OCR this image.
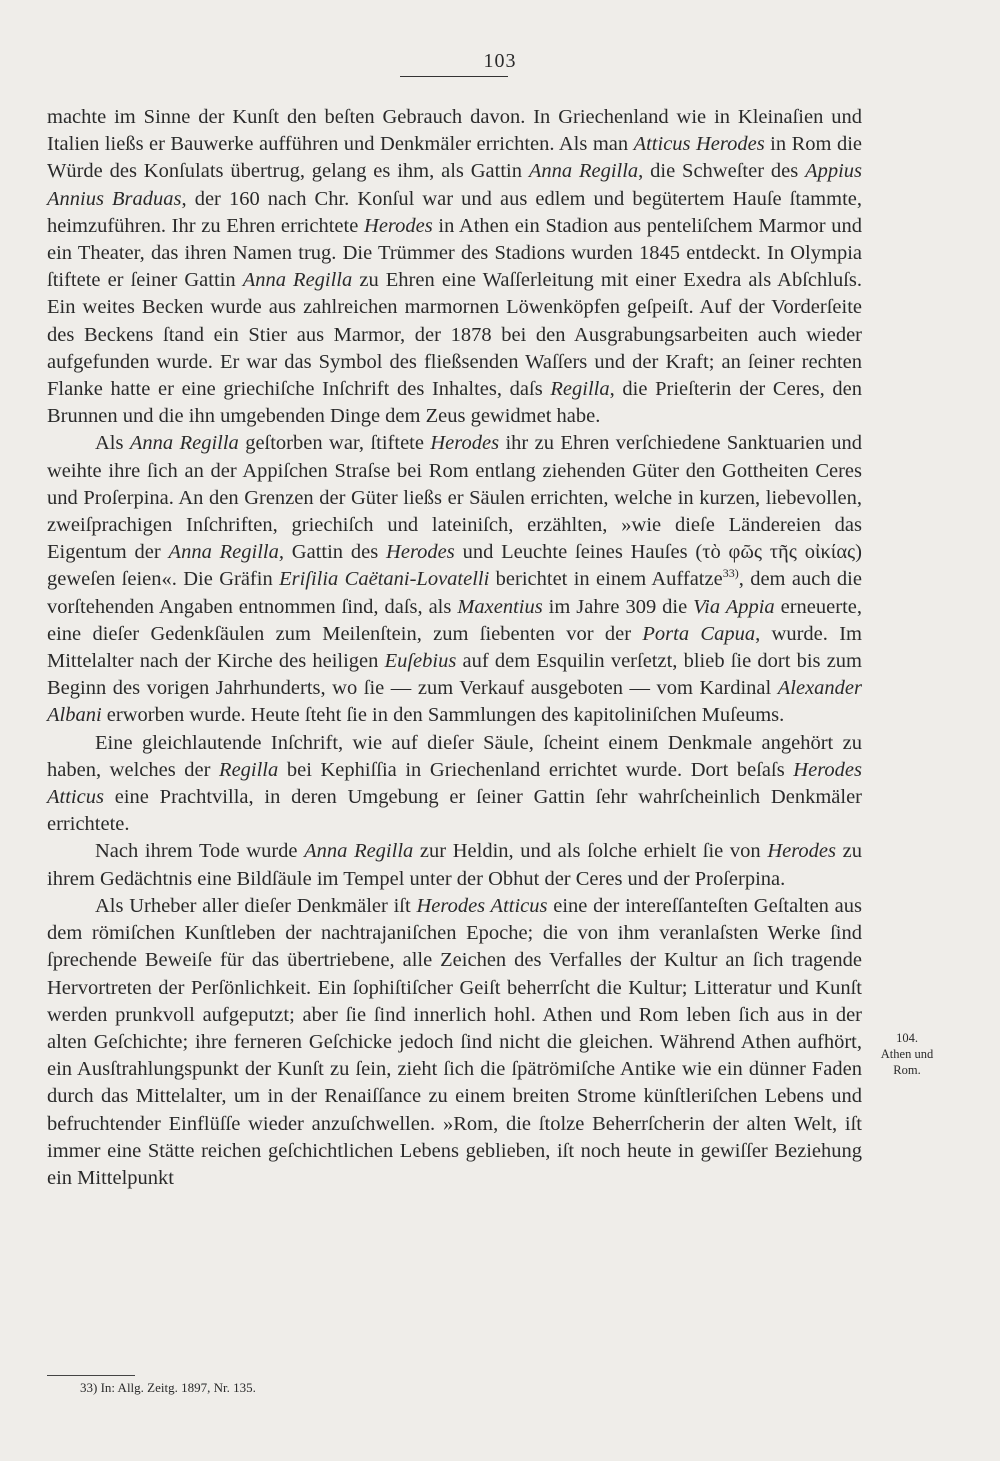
103

machte im Sinne der Kunſt den beſten Gebrauch davon. In Griechenland wie in Kleinaſien und Italien ließs er Bauwerke aufführen und Denkmäler errichten. Als man Atticus Herodes in Rom die Würde des Konſulats übertrug, gelang es ihm, als Gattin Anna Regilla, die Schweſter des Appius Annius Braduas, der 160 nach Chr. Konſul war und aus edlem und begütertem Hauſe ſtammte, heimzuführen. Ihr zu Ehren errichtete Herodes in Athen ein Stadion aus penteliſchem Marmor und ein Theater, das ihren Namen trug. Die Trümmer des Stadions wurden 1845 entdeckt. In Olympia ſtiftete er ſeiner Gattin Anna Regilla zu Ehren eine Waſſerleitung mit einer Exedra als Abſchluſs. Ein weites Becken wurde aus zahlreichen marmornen Löwenköpfen geſpeiſt. Auf der Vorderſeite des Beckens ſtand ein Stier aus Marmor, der 1878 bei den Ausgrabungsarbeiten auch wieder aufgefunden wurde. Er war das Symbol des fließsenden Waſſers und der Kraft; an ſeiner rechten Flanke hatte er eine griechiſche Inſchrift des Inhaltes, daſs Regilla, die Prieſterin der Ceres, den Brunnen und die ihn umgebenden Dinge dem Zeus gewidmet habe.

Als Anna Regilla geſtorben war, ſtiftete Herodes ihr zu Ehren verſchiedene Sanktuarien und weihte ihre ſich an der Appiſchen Straſse bei Rom entlang ziehenden Güter den Gottheiten Ceres und Proſerpina. An den Grenzen der Güter ließs er Säulen errichten, welche in kurzen, liebevollen, zweiſprachigen Inſchriften, griechiſch und lateiniſch, erzählten, »wie dieſe Ländereien das Eigentum der Anna Regilla, Gattin des Herodes und Leuchte ſeines Hauſes (τὸ φῶς τῆς οἰκίας) geweſen ſeien«. Die Gräfin Eriſilia Caëtani-Lovatelli berichtet in einem Auffatze$^{33)}$, dem auch die vorſtehenden Angaben entnommen ſind, daſs, als Maxentius im Jahre 309 die Via Appia erneuerte, eine dieſer Gedenkſäulen zum Meilenſtein, zum ſiebenten vor der Porta Capua, wurde. Im Mittelalter nach der Kirche des heiligen Euſebius auf dem Esquilin verſetzt, blieb ſie dort bis zum Beginn des vorigen Jahrhunderts, wo ſie — zum Verkauf ausgeboten — vom Kardinal Alexander Albani erworben wurde. Heute ſteht ſie in den Sammlungen des kapitoliniſchen Muſeums.

Eine gleichlautende Inſchrift, wie auf dieſer Säule, ſcheint einem Denkmale angehört zu haben, welches der Regilla bei Kephiſſia in Griechenland errichtet wurde. Dort beſaſs Herodes Atticus eine Prachtvilla, in deren Umgebung er ſeiner Gattin ſehr wahrſcheinlich Denkmäler errichtete.

Nach ihrem Tode wurde Anna Regilla zur Heldin, und als ſolche erhielt ſie von Herodes zu ihrem Gedächtnis eine Bildſäule im Tempel unter der Obhut der Ceres und der Proſerpina.

Als Urheber aller dieſer Denkmäler iſt Herodes Atticus eine der intereſſanteſten Geſtalten aus dem römiſchen Kunſtleben der nachtrajaniſchen Epoche; die von ihm veranlaſsten Werke ſind ſprechende Beweiſe für das übertriebene, alle Zeichen des Verfalles der Kultur an ſich tragende Hervortreten der Perſönlichkeit. Ein ſophiſtiſcher Geiſt beherrſcht die Kultur; Litteratur und Kunſt werden prunkvoll aufgeputzt; aber ſie ſind innerlich hohl. Athen und Rom leben ſich aus in der alten Geſchichte; ihre ferneren Geſchicke jedoch ſind nicht die gleichen. Während Athen aufhört, ein Ausſtrahlungspunkt der Kunſt zu ſein, zieht ſich die ſpätrömiſche Antike wie ein dünner Faden durch das Mittelalter, um in der Renaiſſance zu einem breiten Strome künſtleriſchen Lebens und befruchtender Einflüſſe wieder anzuſchwellen. »Rom, die ſtolze Beherrſcherin der alten Welt, iſt immer eine Stätte reichen geſchichtlichen Lebens geblieben, iſt noch heute in gewiſſer Beziehung ein Mittelpunkt

104.
Athen und
Rom.
33) In: Allg. Zeitg. 1897, Nr. 135.
